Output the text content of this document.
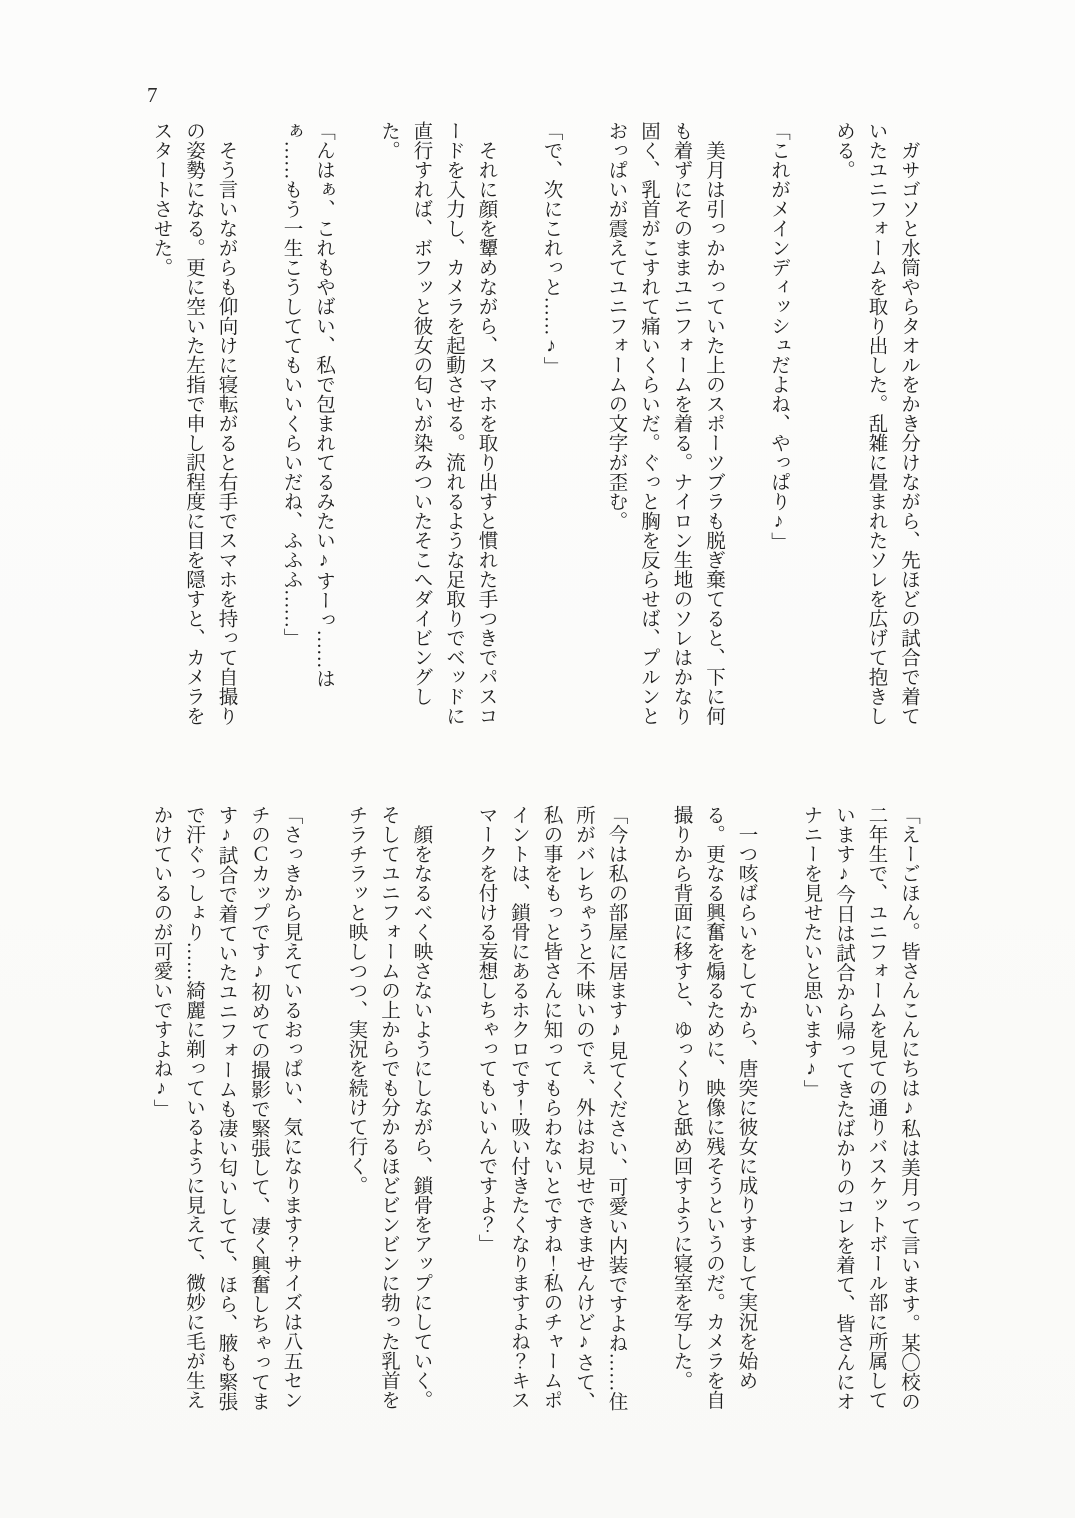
7

　ガサゴソと水筒やらタオルをかき分けながら、先ほどの試合で着ていたユニフォームを取り出した。乱雑に畳まれたソレを広げて抱きしめる。

「これがメインディッシュだよね、やっぱり♪」

　美月は引っかかっていた上のスポーツブラも脱ぎ棄てると、下に何も着ずにそのままユニフォームを着る。ナイロン生地のソレはかなり固く、乳首がこすれて痛いくらいだ。ぐっと胸を反らせば、プルンとおっぱいが震えてユニフォームの文字が歪む。

「で、次にこれっと……♪」

　それに顔を顰めながら、スマホを取り出すと慣れた手つきでパスコードを入力し、カメラを起動させる。流れるような足取りでベッドに直行すれば、ボフッと彼女の匂いが染みついたそこへダイビングした。

「んはぁ、これもやばい、私で包まれてるみたい♪すーっ……はぁ……もう一生こうしててもいいくらいだね、ふふふ……」

　そう言いながらも仰向けに寝転がると右手でスマホを持って自撮りの姿勢になる。更に空いた左指で申し訳程度に目を隠すと、カメラをスタートさせた。

「えーごほん。皆さんこんにちは♪私は美月って言います。某〇校の二年生で、ユニフォームを見ての通りバスケットボール部に所属しています♪今日は試合から帰ってきたばかりのコレを着て、皆さんにオナニーを見せたいと思います♪」

　一つ咳ばらいをしてから、唐突に彼女に成りすまして実況を始める。更なる興奮を煽るために、映像に残そうというのだ。カメラを自撮りから背面に移すと、ゆっくりと舐め回すように寝室を写した。

「今は私の部屋に居ます♪見てください、可愛い内装ですよね……住所がバレちゃうと不味いのでぇ、外はお見せできませんけど♪さて、私の事をもっと皆さんに知ってもらわないとですね！私のチャームポイントは、鎖骨にあるホクロです！吸い付きたくなりますよね？キスマークを付ける妄想しちゃってもいいんですよ？」

　顔をなるべく映さないようにしながら、鎖骨をアップにしていく。そしてユニフォームの上からでも分かるほどビンビンに勃った乳首をチラチラッと映しつつ、実況を続けて行く。

「さっきから見えているおっぱい、気になります？サイズは八五センチのＣカップです♪初めての撮影で緊張して、凄く興奮しちゃってます♪試合で着ていたユニフォームも凄い匂いしてて、ほら、腋も緊張で汗ぐっしょり……綺麗に剃っているように見えて、微妙に毛が生えかけているのが可愛いですよね♪」
